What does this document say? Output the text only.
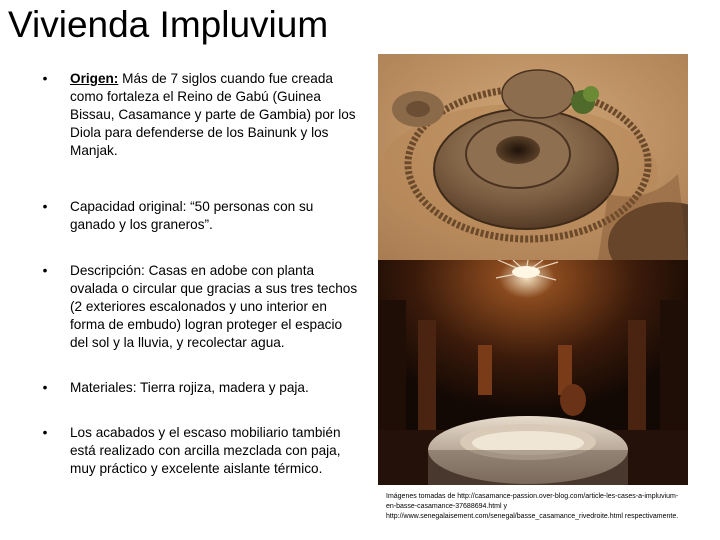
Vivienda Impluvium
• Origen: Más de 7 siglos cuando fue creada como fortaleza el Reino de Gabú (Guinea Bissau, Casamance y parte de Gambia) por los Diola para defenderse de los Bainunk y los Manjak.
• Capacidad original: “50 personas con su ganado y los graneros”.
• Descripción: Casas en adobe con planta ovalada o circular que gracias a sus tres techos (2 exteriores escalonados y uno interior en forma de embudo) logran proteger el espacio del sol y la lluvia, y recolectar agua.
• Materiales: Tierra rojiza, madera y paja.
• Los acabados y el escaso mobiliario también está realizado con arcilla mezclada con paja, muy práctico y excelente aislante térmico.
Imágenes tomadas de http://casamance-passion.over-blog.com/article-les-cases-a-impluvium-en-basse-casamance-37688694.html y http://www.senegalaisement.com/senegal/basse_casamance_rivedroite.html respectivamente.
